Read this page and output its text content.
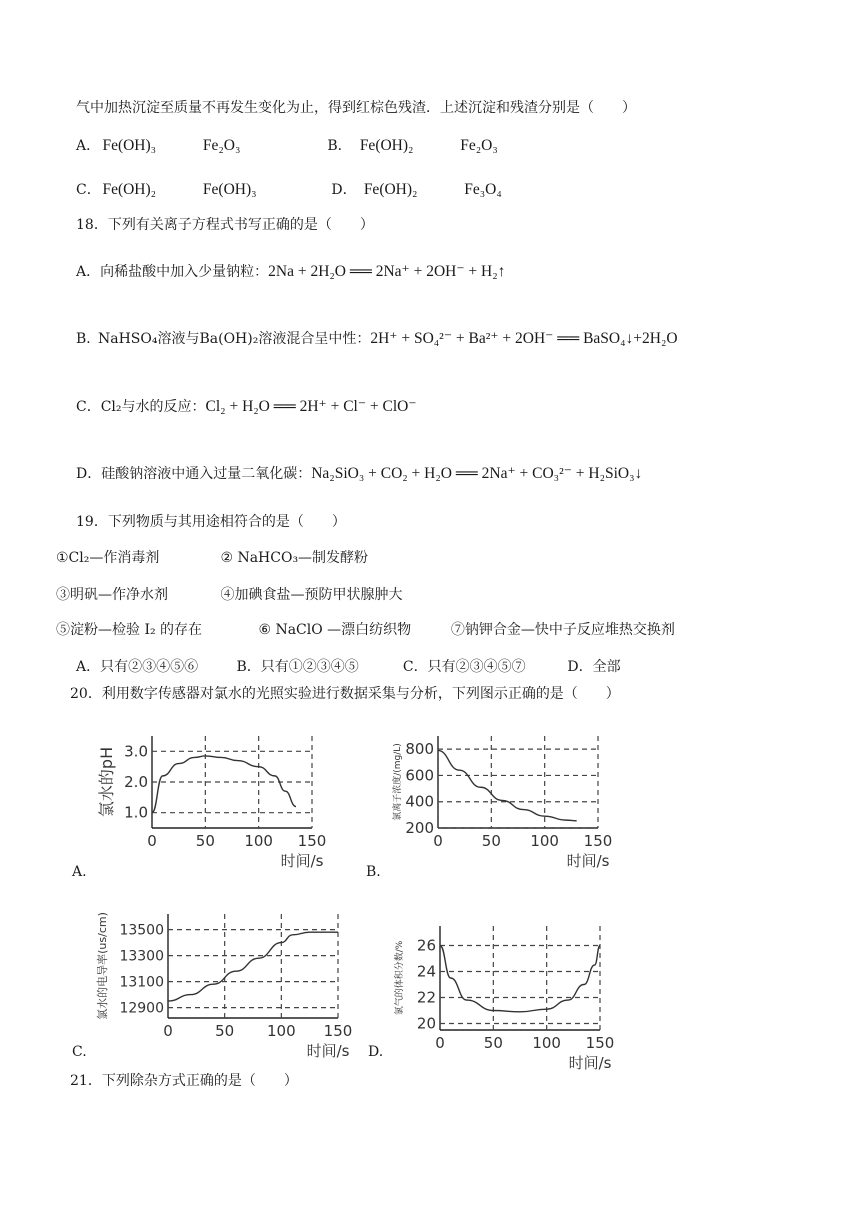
气中加热沉淀至质量不再发生变化为止，得到红棕色残渣．上述沉淀和残渣分别是（　　）
A． Fe(OH)₃	Fe₂O₃	B． Fe(OH)₂	Fe₂O₃
C． Fe(OH)₂	Fe(OH)₃	D． Fe(OH)₂	Fe₃O₄
18．下列有关离子方程式书写正确的是（　　）
A．向稀盐酸中加入少量钠粒：2Na + 2H₂O ══ 2Na⁺ + 2OH⁻ + H₂↑
B．NaHSO₄溶液与Ba(OH)₂溶液混合呈中性：2H⁺ + SO₄²⁻ + Ba²⁺ + 2OH⁻ ══ BaSO₄↓+2H₂O
C．Cl₂与水的反应：Cl₂ + H₂O ══ 2H⁺ + Cl⁻ + ClO⁻
D．硅酸钠溶液中通入过量二氧化碳：Na₂SiO₃ + CO₂ + H₂O ══ 2Na⁺ + CO₃²⁻ + H₂SiO₃↓
19．下列物质与其用途相符合的是（　　）
①Cl₂—作消毒剂	② NaHCO₃—制发酵粉
③明矾—作净水剂	④加碘食盐—预防甲状腺肿大
⑤淀粉—检验 I₂ 的存在	⑥ NaClO —漂白纺织物	⑦钠钾合金—快中子反应堆热交换剂
A．只有②③④⑤⑥	B．只有①②③④⑤	C．只有②③④⑤⑦	D．全部
20．利用数字传感器对氯水的光照实验进行数据采集与分析，下列图示正确的是（　　）
0	50 100 150
1.0
2.0
3.0
时间/s
氯水的pH
A.
0	50 100 150
200
400
600
800
时间/s
氯离子浓度/(mg/L)
B.
0	50 100 150
12900
13100
13300
13500
时间/s
氯水的电导率(us/cm)
C.	0	50 100 150
20
22
24
26
时间/s
氯气的体积分数/%
D.
21．下列除杂方式正确的是（　　）
